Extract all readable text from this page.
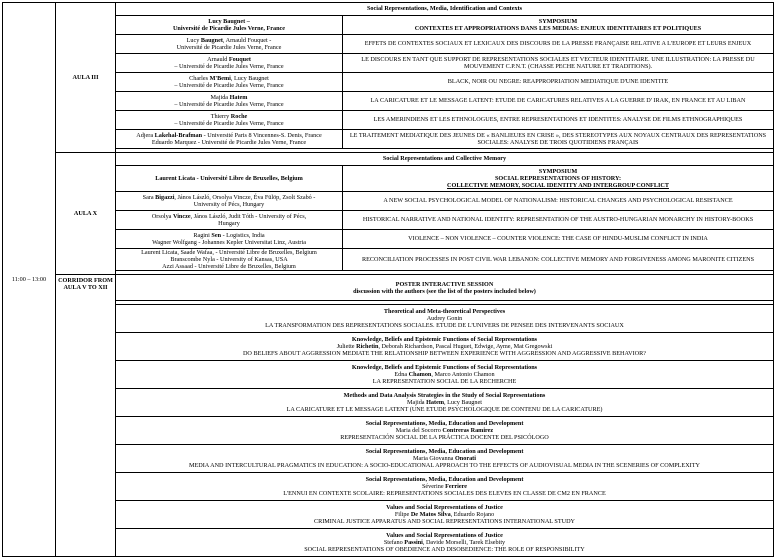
11:00 – 13:00	AULA III	Social Representations, Media, Identification and Contexts	
		Lucy Baugnet –
Université de Picardie Jules Verne, France	SYMPOSIUM
CONTEXTES ET APPROPRIATIONS DANS LES MEDIAS: ENJEUX IDENTITAIRES ET POLITIQUES
		Lucy Baugnet, Arnauld Fouquet -
Université de Picardie Jules Verne, France	EFFETS DE CONTEXTES SOCIAUX ET LEXICAUX DES DISCOURS DE LA PRESSE FRANÇAISE RELATIVE A L'EUROPE ET LEURS ENJEUX
		Arnauld Fouquet
– Université de Picardie Jules Verne, France	LE DISCOURS EN TANT QUE SUPPORT DE REPRESENTATIONS SOCIALES ET VECTEUR IDENTITAIRE. UNE ILLUSTRATION: LA PRESSE DU MOUVEMENT C.P.N.T. (CHASSE PECHE NATURE ET TRADITIONS).
		Charles M'Bemi, Lucy Baugnet
– Université de Picardie Jules Verne, France	BLACK, NOIR OU NEGRE: REAPPROPRIATION MEDIATIQUE D'UNE IDENTITE
		Majida Hatem
– Université de Picardie Jules Verne, France	LA CARICATURE ET LE MESSAGE LATENT: ETUDE DE CARICATURES RELATIVES A LA GUERRE D' IRAK, EN FRANCE ET AU LIBAN
		Thierry Roche
– Université de Picardie Jules Verne, France	LES AMERINDIENS ET LES ETHNOLOGUES, ENTRE REPRESENTATIONS ET IDENTITES: ANALYSE DE FILMS ETHNOGRAPHIQUES
		Adjera Lakehal-Brafman - Université Paris 8 Vincennes-S. Denis, France
Eduardo Marquez - Université de Picardie Jules Verne, France	LE TRAITEMENT MEDIATIQUE DES JEUNES DE « BANLIEUES EN CRISE », DES STEREOTYPES AUX NOYAUX CENTRAUX DES REPRESENTATIONS SOCIALES: ANALYSE DE TROIS QUOTIDIENS FRANÇAIS

	AULA X	Social Representations and Collective Memory	
		Laurent Licata - Université Libre de Bruxelles, Belgium	SYMPOSIUM
SOCIAL REPRESENTATIONS OF HISTORY:
COLLECTIVE MEMORY, SOCIAL IDENTITY AND INTERGROUP CONFLICT
		Sara Bigazzi, János László, Orsolya Vincze, Éva Fülöp, Zsolt Szabó -
University of Pécs, Hungary	A NEW SOCIAL PSYCHOLOGICAL MODEL OF NATIONALISM: HISTORICAL CHANGES AND PSYCHOLOGICAL RESISTANCE
		Orsolya Vincze, János László, Judit Tóth - University of Pécs,
Hungary	HISTORICAL NARRATIVE AND NATIONAL IDENTITY: REPRESENTATION OF THE AUSTRO-HUNGARIAN MONARCHY IN HISTORY-BOOKS
		Ragini Sen - Logistics, India
Wagner Wolfgang - Johannes Kepler Universitat Linz, Austria	VIOLENCE – NON VIOLENCE – COUNTER VIOLENCE: THE CASE OF HINDU-MUSLIM CONFLICT IN INDIA
		Laurent Licata, Saade Wafaa, - Université Libre de Bruxelles, Belgium
Branscombe Nyla - University of Kansas, USA
Azzi Assaad - Université Libre de Bruxelles, Belgium	RECONCILIATION PROCESSES IN POST CIVIL WAR LEBANON: COLLECTIVE MEMORY AND FORGIVENESS AMONG MARONITE CITIZENS

	CORRIDOR FROM AULA V TO XII	POSTER INTERACTIVE SESSION
discussion with the authors (see the list of the posters included below)	

		Theoretical and Meta-theoretical Perspectives
Audrey Gonin
LA TRANSFORMATION DES REPRESENTATIONS SOCIALES. ETUDE DE L'UNIVERS DE PENSEE DES INTERVENANTS SOCIAUX	

		Knowledge, Beliefs and Epistemic Functions of Social Representations
Juliette Richetin, Deborah Richardson, Pascal Huguet, Edwige, Ayme, Mat Gregowski
DO BELIEFS ABOUT AGGRESSION MEDIATE THE RELATIONSHIP BETWEEN EXPERIENCE WITH AGGRESSION AND AGGRESSIVE BEHAVIOR?	

		Knowledge, Beliefs and Epistemic Functions of Social Representations
Edna Chamon, Marco Antonio Chamon
LA REPRESENTATION SOCIAL DE LA RECHERCHE	

		Methods and Data Analysis Strategies in the Study of Social Representations
Majida Hatem, Lucy Baugnet
LA CARICATURE ET LE MESSAGE LATENT (UNE ETUDE PSYCHOLOGIQUE DE CONTENU DE LA CARICATURE)	

		Social Representations, Media, Education and Development
Maria del Socorro Contreras Ramirez
REPRESENTACIÓN SOCIAL DE LA PRÁCTICA DOCENTE DEL PSICÓLOGO	

		Social Representations, Media, Education and Development
Maria Giovanna Onorati
MEDIA AND INTERCULTURAL PRAGMATICS IN EDUCATION: A SOCIO-EDUCATIONAL APPROACH TO THE EFFECTS OF AUDIOVISUAL MEDIA IN THE SCENERIES OF COMPLEXITY	

		Social Representations, Media, Education and Development
Séverine Ferriere
L'ENNUI EN CONTEXTE SCOLAIRE: REPRESENTATIONS SOCIALES DES ELEVES EN CLASSE DE CM2 EN FRANCE	

		Values and Social Representations of Justice
Filipe De Matos Silva, Eduardo Rojano
CRIMINAL JUSTICE APPARATUS AND SOCIAL REPRESENTATIONS INTERNATIONAL STUDY	

		Values and Social Representations of Justice
Stefano Passini, Davide Morselli, Tarek Elsebity
SOCIAL REPRESENTATIONS OF OBEDIENCE AND DISOBEDIENCE: THE ROLE OF RESPONSIBILITY	
